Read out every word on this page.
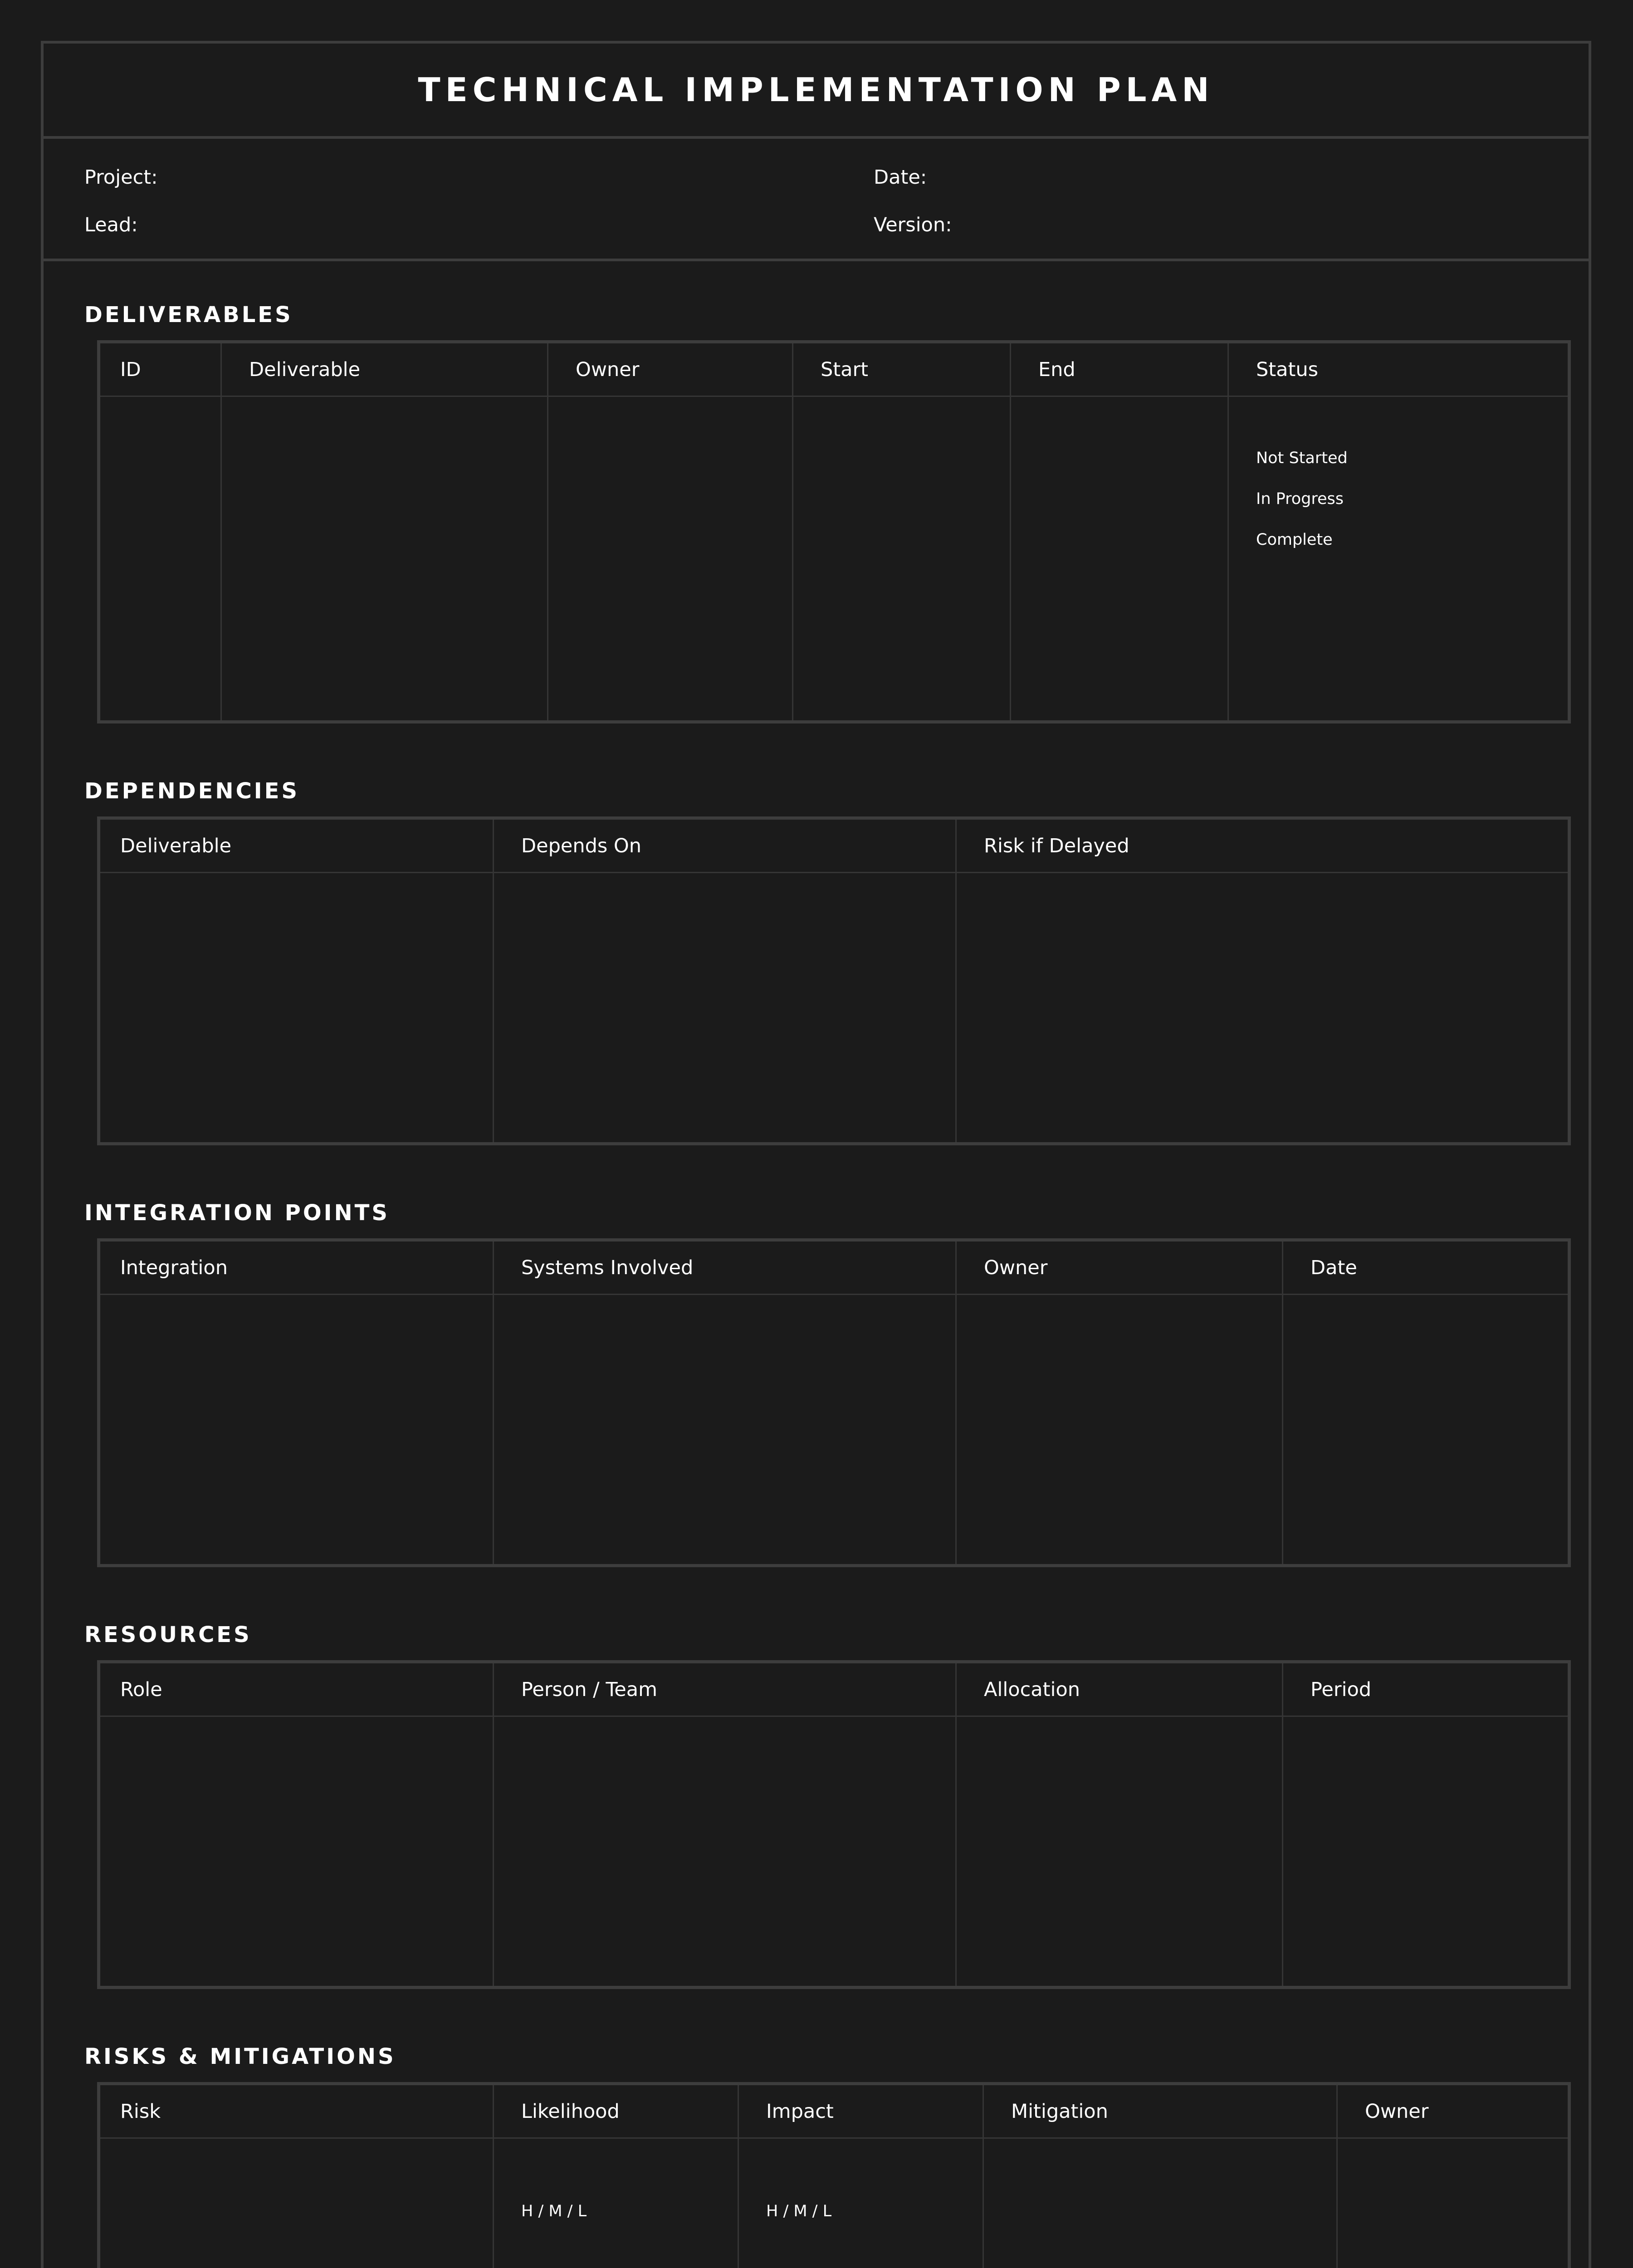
TECHNICAL IMPLEMENTATION PLAN
Project:	Date:
Lead:	Version:
DELIVERABLES
ID	Deliverable	Owner	Start	End	Status

					Not Started
In Progress
Complete
DEPENDENCIES
Deliverable	Depends On	Risk if Delayed

INTEGRATION POINTS
Integration	Systems Involved	Owner	Date

RESOURCES
Role	Person / Team	Allocation	Period

RISKS & MITIGATIONS
Risk	Likelihood	Impact	Mitigation	Owner

	H / M / L	H / M / L		
